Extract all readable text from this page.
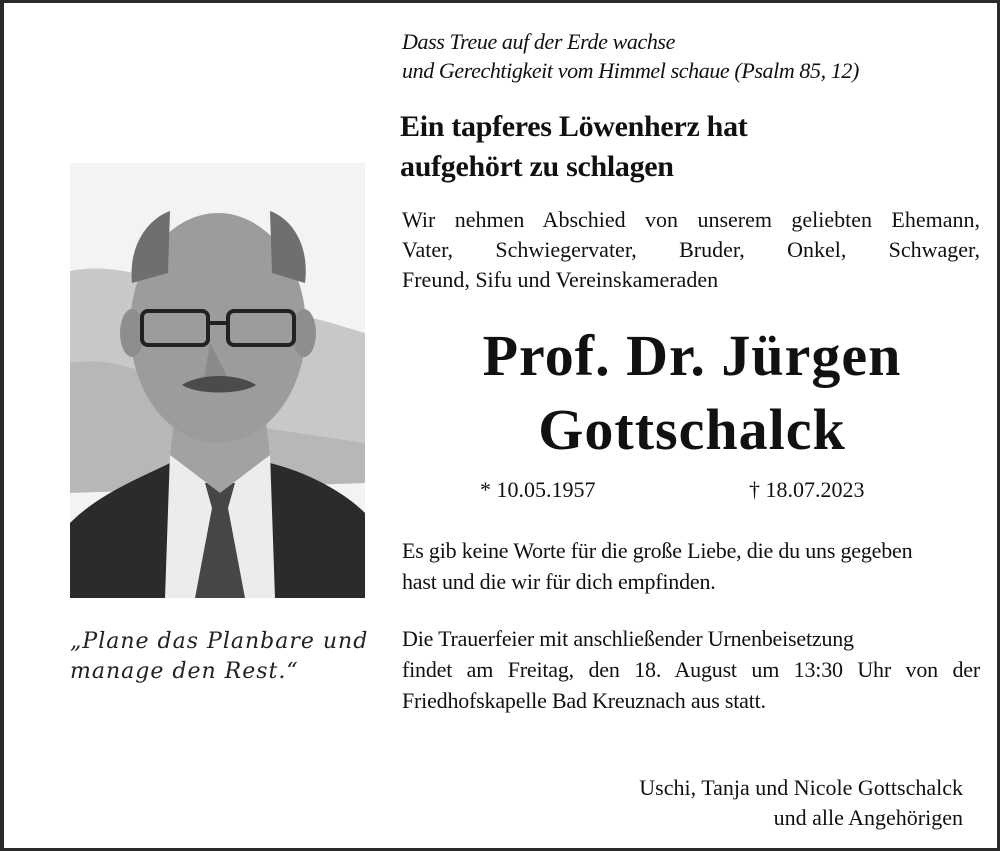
Dass Treue auf der Erde wachse
und Gerechtigkeit vom Himmel schaue (Psalm 85, 12)
Ein tapferes Löwenherz hat
aufgehört zu schlagen
Wir nehmen Abschied von unserem geliebten Ehemann,
Vater, Schwiegervater, Bruder, Onkel, Schwager,
Freund, Sifu und Vereinskameraden
„Plane das Planbare und
manage den Rest.“
Prof. Dr. Jürgen
Gottschalck
* 10.05.1957	† 18.07.2023
Es gib keine Worte für die große Liebe, die du uns gegeben
hast und die wir für dich empfinden.
Die Trauerfeier mit anschließender Urnenbeisetzung
findet am Freitag, den 18. August um 13:30 Uhr von der
Friedhofskapelle Bad Kreuznach aus statt.
Uschi, Tanja und Nicole Gottschalck
und alle Angehörigen
